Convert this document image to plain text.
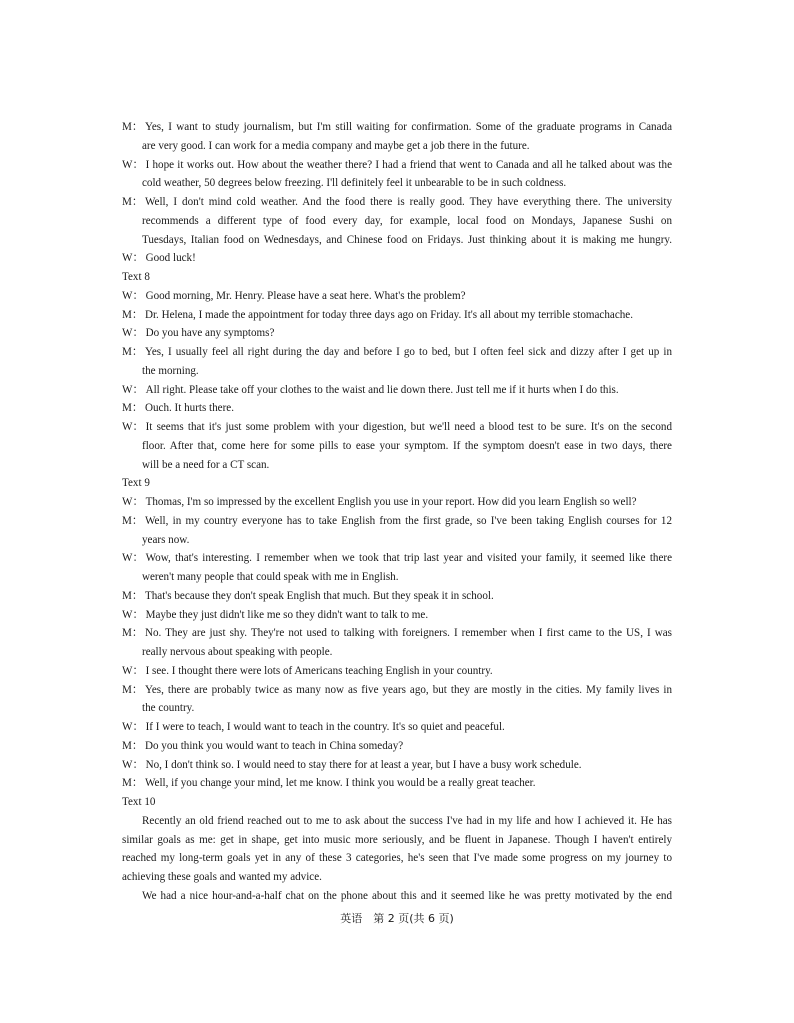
M： Yes, I want to study journalism, but I'm still waiting for confirmation. Some of the graduate programs in Canada
are very good. I can work for a media company and maybe get a job there in the future.
W： I hope it works out. How about the weather there? I had a friend that went to Canada and all he talked about was the
cold weather, 50 degrees below freezing. I'll definitely feel it unbearable to be in such coldness.
M： Well, I don't mind cold weather. And the food there is really good. They have everything there. The university
recommends a different type of food every day, for example, local food on Mondays, Japanese Sushi on
Tuesdays, Italian food on Wednesdays, and Chinese food on Fridays. Just thinking about it is making me hungry.
W： Good luck!
Text 8
W： Good morning, Mr. Henry. Please have a seat here. What's the problem?
M： Dr. Helena, I made the appointment for today three days ago on Friday. It's all about my terrible stomachache.
W： Do you have any symptoms?
M： Yes, I usually feel all right during the day and before I go to bed, but I often feel sick and dizzy after I get up in
the morning.
W： All right. Please take off your clothes to the waist and lie down there. Just tell me if it hurts when I do this.
M： Ouch. It hurts there.
W： It seems that it's just some problem with your digestion, but we'll need a blood test to be sure. It's on the second
floor. After that, come here for some pills to ease your symptom. If the symptom doesn't ease in two days, there
will be a need for a CT scan.
Text 9
W： Thomas, I'm so impressed by the excellent English you use in your report. How did you learn English so well?
M： Well, in my country everyone has to take English from the first grade, so I've been taking English courses for 12
years now.
W： Wow, that's interesting. I remember when we took that trip last year and visited your family, it seemed like there
weren't many people that could speak with me in English.
M： That's because they don't speak English that much. But they speak it in school.
W： Maybe they just didn't like me so they didn't want to talk to me.
M： No. They are just shy. They're not used to talking with foreigners. I remember when I first came to the US, I was
really nervous about speaking with people.
W： I see. I thought there were lots of Americans teaching English in your country.
M： Yes, there are probably twice as many now as five years ago, but they are mostly in the cities. My family lives in
the country.
W： If I were to teach, I would want to teach in the country. It's so quiet and peaceful.
M： Do you think you would want to teach in China someday?
W： No, I don't think so. I would need to stay there for at least a year, but I have a busy work schedule.
M： Well, if you change your mind, let me know. I think you would be a really great teacher.
Text 10
Recently an old friend reached out to me to ask about the success I've had in my life and how I achieved it. He has
similar goals as me: get in shape, get into music more seriously, and be fluent in Japanese. Though I haven't entirely
reached my long-term goals yet in any of these 3 categories, he's seen that I've made some progress on my journey to
achieving these goals and wanted my advice.
We had a nice hour-and-a-half chat on the phone about this and it seemed like he was pretty motivated by the end
英语　第 2 页(共 6 页)
